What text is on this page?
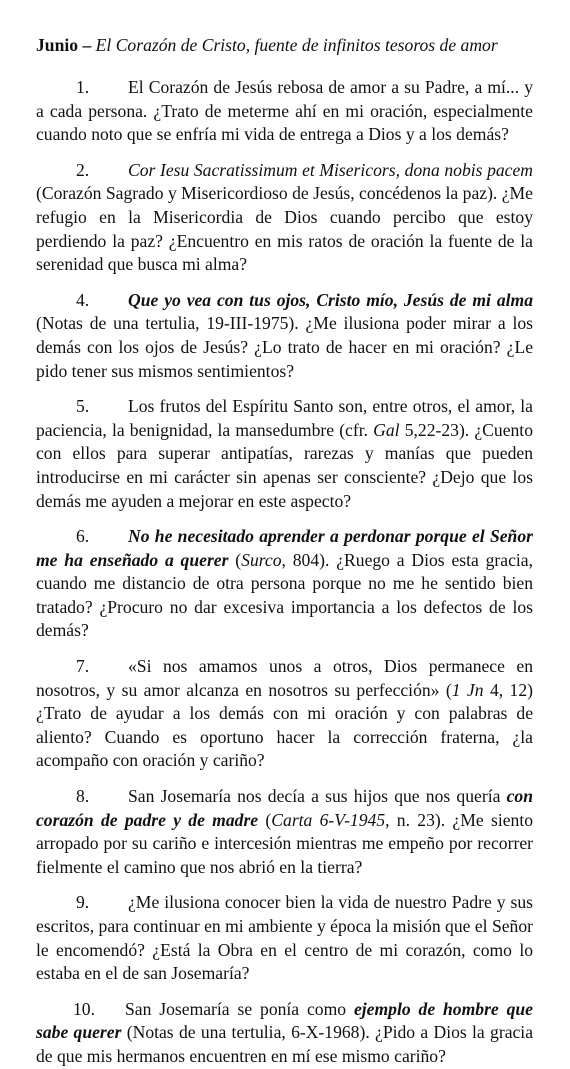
Junio – El Corazón de Cristo, fuente de infinitos tesoros de amor

1. El Corazón de Jesús rebosa de amor a su Padre, a mí... y a cada persona. ¿Trato de meterme ahí en mi oración, especialmente cuando noto que se enfría mi vida de entrega a Dios y a los demás?

2. Cor Iesu Sacratissimum et Misericors, dona nobis pacem (Corazón Sagrado y Misericordioso de Jesús, concédenos la paz). ¿Me refugio en la Misericordia de Dios cuando percibo que estoy perdiendo la paz? ¿Encuentro en mis ratos de oración la fuente de la serenidad que busca mi alma?

4. Que yo vea con tus ojos, Cristo mío, Jesús de mi alma (Notas de una tertulia, 19-III-1975). ¿Me ilusiona poder mirar a los demás con los ojos de Jesús? ¿Lo trato de hacer en mi oración? ¿Le pido tener sus mismos sentimientos?

5. Los frutos del Espíritu Santo son, entre otros, el amor, la paciencia, la benignidad, la mansedumbre (cfr. Gal 5,22-23). ¿Cuento con ellos para superar antipatías, rarezas y manías que pueden introducirse en mi carácter sin apenas ser consciente? ¿Dejo que los demás me ayuden a mejorar en este aspecto?

6. No he necesitado aprender a perdonar porque el Señor me ha enseñado a querer (Surco, 804). ¿Ruego a Dios esta gracia, cuando me distancio de otra persona porque no me he sentido bien tratado? ¿Procuro no dar excesiva importancia a los defectos de los demás?

7. «Si nos amamos unos a otros, Dios permanece en nosotros, y su amor alcanza en nosotros su perfección» (1 Jn 4, 12) ¿Trato de ayudar a los demás con mi oración y con palabras de aliento? Cuando es oportuno hacer la corrección fraterna, ¿la acompaño con oración y cariño?

8. San Josemaría nos decía a sus hijos que nos quería con corazón de padre y de madre (Carta 6-V-1945, n. 23). ¿Me siento arropado por su cariño e intercesión mientras me empeño por recorrer fielmente el camino que nos abrió en la tierra?

9. ¿Me ilusiona conocer bien la vida de nuestro Padre y sus escritos, para continuar en mi ambiente y época la misión que el Señor le encomendó? ¿Está la Obra en el centro de mi corazón, como lo estaba en el de san Josemaría?

10. San Josemaría se ponía como ejemplo de hombre que sabe querer (Notas de una tertulia, 6-X-1968). ¿Pido a Dios la gracia de que mis hermanos encuentren en mí ese mismo cariño?
